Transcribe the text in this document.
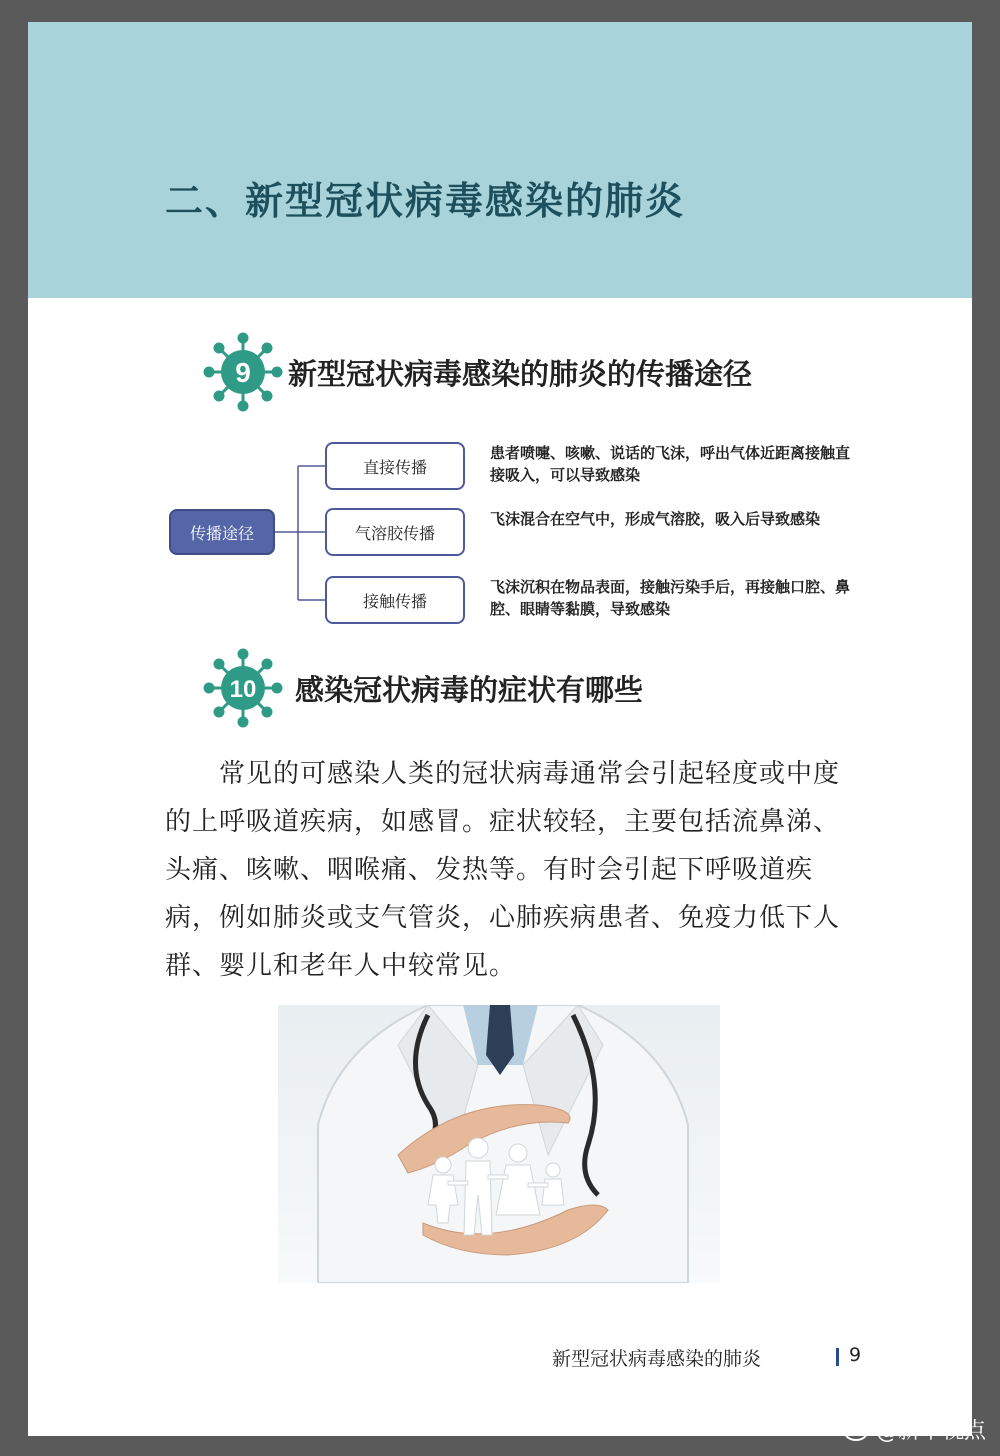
二、新型冠状病毒感染的肺炎
9 新型冠状病毒感染的肺炎的传播途径
传播途径
直接传播
气溶胶传播
接触传播
患者喷嚏、咳嗽、说话的飞沫，呼出气体近距离接触直接吸入，可以导致感染
飞沫混合在空气中，形成气溶胶，吸入后导致感染
飞沫沉积在物品表面，接触污染手后，再接触口腔、鼻腔、眼睛等黏膜，导致感染
10 感染冠状病毒的症状有哪些
常见的可感染人类的冠状病毒通常会引起轻度或中度的上呼吸道疾病，如感冒。症状较轻，主要包括流鼻涕、头痛、咳嗽、咽喉痛、发热等。有时会引起下呼吸道疾病，例如肺炎或支气管炎，心肺疾病患者、免疫力低下人群、婴儿和老年人中较常见。
新型冠状病毒感染的肺炎	9
@新华视点
